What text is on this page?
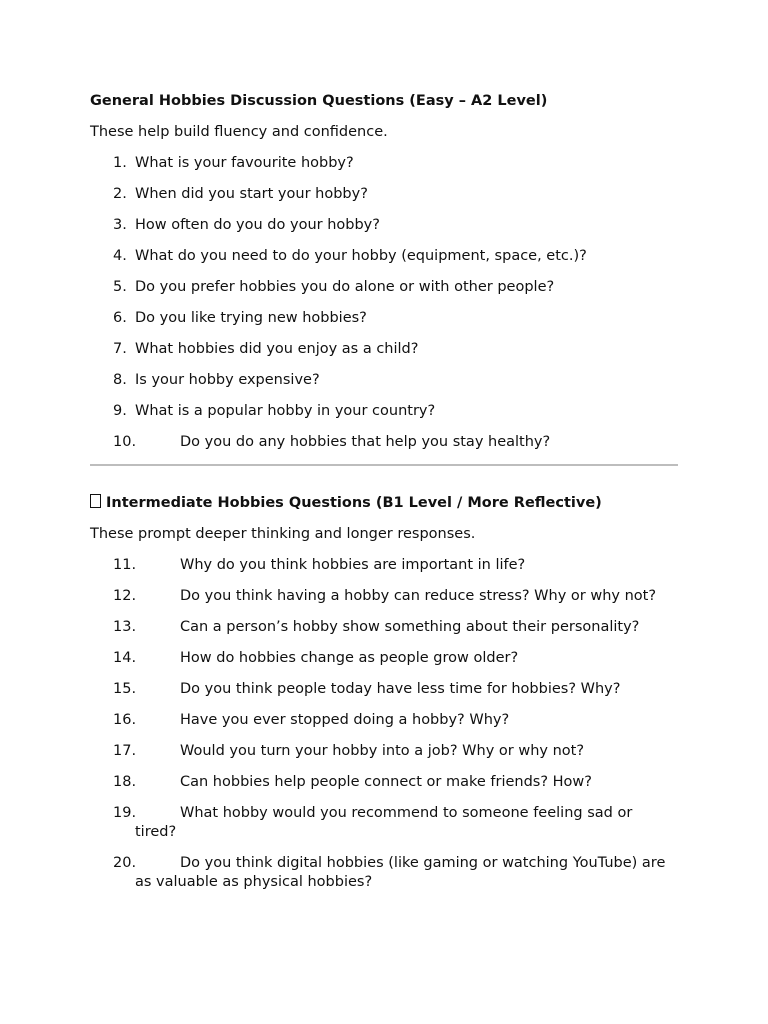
General Hobbies Discussion Questions (Easy – A2 Level)

These help build fluency and confidence.

1. What is your favourite hobby?
2. When did you start your hobby?
3. How often do you do your hobby?
4. What do you need to do your hobby (equipment, space, etc.)?
5. Do you prefer hobbies you do alone or with other people?
6. Do you like trying new hobbies?
7. What hobbies did you enjoy as a child?
8. Is your hobby expensive?
9. What is a popular hobby in your country?
10.	Do you do any hobbies that help you stay healthy?
Intermediate Hobbies Questions (B1 Level / More Reflective)

These prompt deeper thinking and longer responses.

11.	Why do you think hobbies are important in life?
12.	Do you think having a hobby can reduce stress? Why or why not?
13.	Can a person’s hobby show something about their personality?
14.	How do hobbies change as people grow older?
15.	Do you think people today have less time for hobbies? Why?
16.	Have you ever stopped doing a hobby? Why?
17.	Would you turn your hobby into a job? Why or why not?
18.	Can hobbies help people connect or make friends? How?
19.	What hobby would you recommend to someone feeling sad or tired?
20.	Do you think digital hobbies (like gaming or watching YouTube) are as valuable as physical hobbies?
